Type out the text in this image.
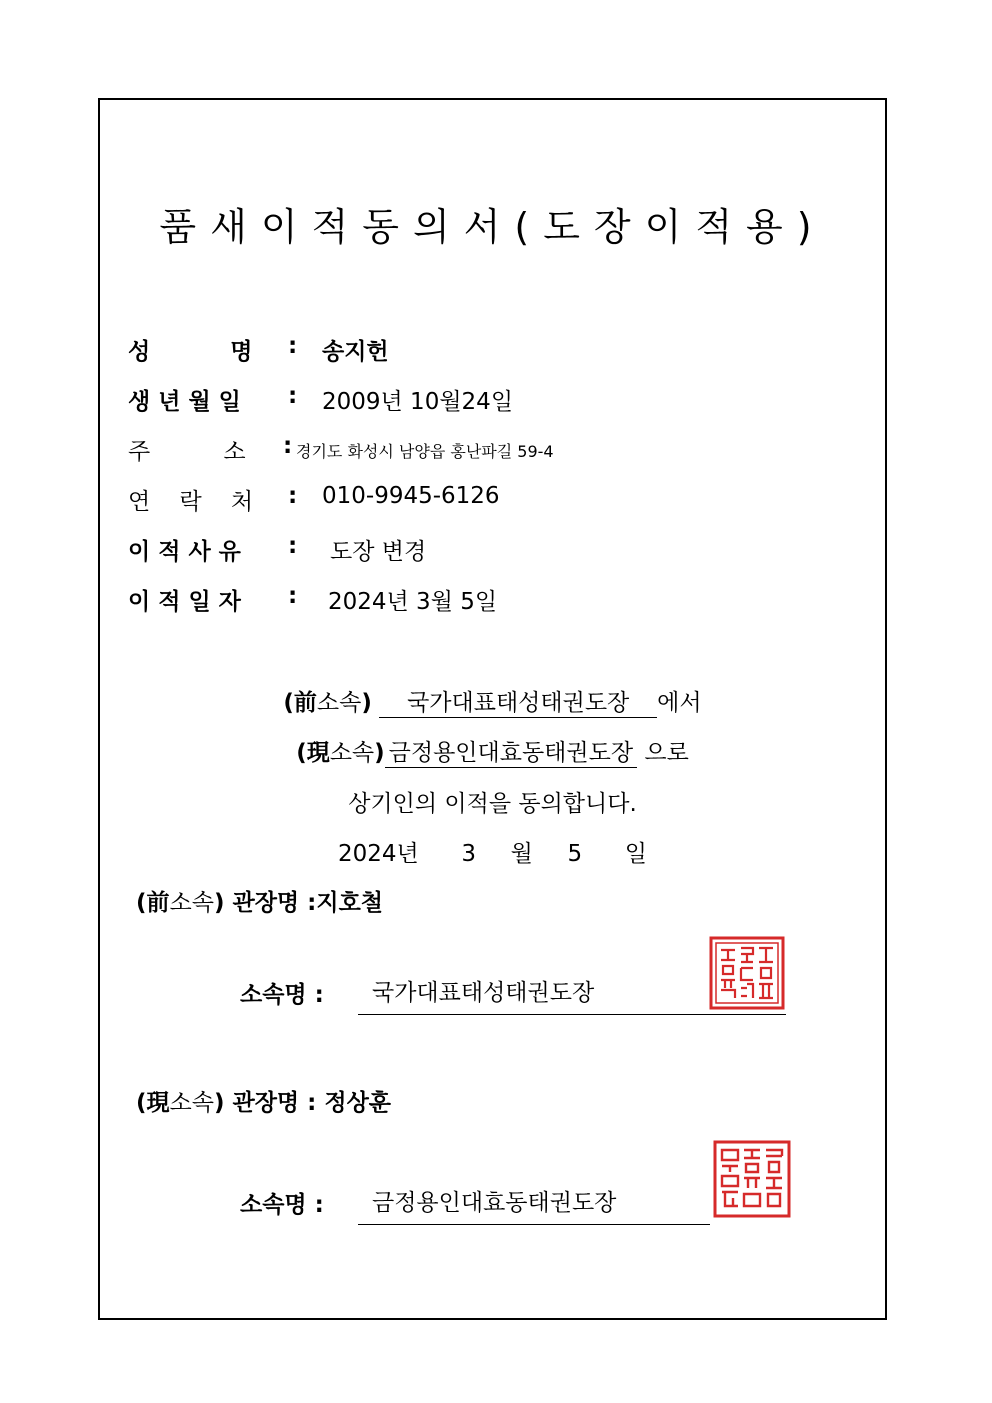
품새이적동의서(도장이적용)
성          명 : 송지헌
생 년 월 일 : 2009년 10월24일
주          소 : 경기도 화성시 남양읍 홍난파길 59-4
연    락    처 : 010-9945-6126
이 적 사 유 : 도장 변경
이 적 일 자 : 2024년 3월 5일
(前소속) 국가대표태성태권도장 에서
(現소속) 금정용인대효동태권도장 으로
상기인의 이적을 동의합니다.
2024년 3 월 5 일
(前소속) 관장명 :지호철
소속명 :	국가대표태성태권도장
(現소속) 관장명 : 정상훈
소속명 :	금정용인대효동태권도장
